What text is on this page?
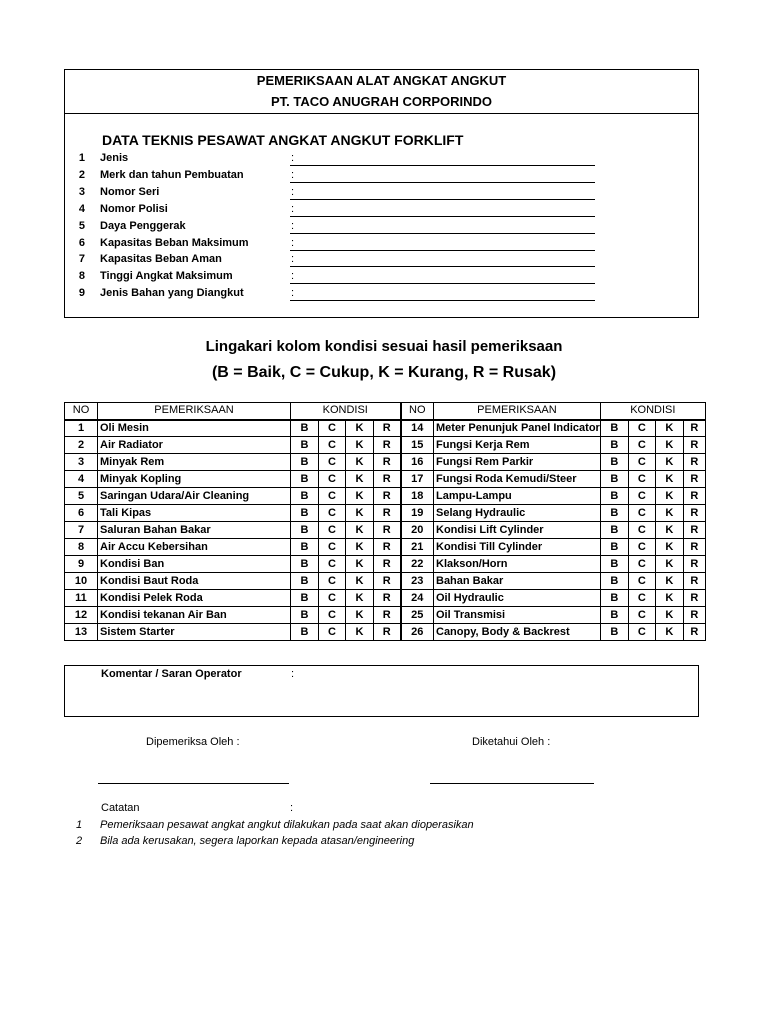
PEMERIKSAAN ALAT ANGKAT ANGKUT
PT. TACO ANUGRAH CORPORINDO
DATA TEKNIS PESAWAT ANGKAT ANGKUT FORKLIFT
1 Jenis	:
2 Merk dan tahun Pembuatan	:
3 Nomor Seri	:
4 Nomor Polisi	:
5 Daya Penggerak	:
6 Kapasitas Beban Maksimum	:
7 Kapasitas Beban Aman	:
8 Tinggi Angkat Maksimum	:
9 Jenis Bahan yang Diangkut	:
Lingakari kolom kondisi sesuai hasil pemeriksaan
(B = Baik, C = Cukup, K = Kurang, R = Rusak)
NO	PEMERIKSAAN	KONDISI				NO	PEMERIKSAAN	KONDISI			
1	Oli Mesin	B	C	K	R	14	Meter Penunjuk Panel Indicator	B	C	K	R
2	Air Radiator	B	C	K	R	15	Fungsi Kerja Rem	B	C	K	R
3	Minyak Rem	B	C	K	R	16	Fungsi Rem Parkir	B	C	K	R
4	Minyak Kopling	B	C	K	R	17	Fungsi Roda Kemudi/Steer	B	C	K	R
5	Saringan Udara/Air Cleaning	B	C	K	R	18	Lampu-Lampu	B	C	K	R
6	Tali Kipas	B	C	K	R	19	Selang Hydraulic	B	C	K	R
7	Saluran Bahan Bakar	B	C	K	R	20	Kondisi Lift Cylinder	B	C	K	R
8	Air Accu Kebersihan	B	C	K	R	21	Kondisi Till Cylinder	B	C	K	R
9	Kondisi Ban	B	C	K	R	22	Klakson/Horn	B	C	K	R
10	Kondisi Baut Roda	B	C	K	R	23	Bahan Bakar	B	C	K	R
11	Kondisi Pelek Roda	B	C	K	R	24	Oil Hydraulic	B	C	K	R
12	Kondisi tekanan Air Ban	B	C	K	R	25	Oil Transmisi	B	C	K	R
13	Sistem Starter	B	C	K	R	26	Canopy, Body & Backrest	B	C	K	R
Komentar / Saran Operator	:
Dipemeriksa Oleh :	Diketahui Oleh :
Catatan	:
1 Pemeriksaan pesawat angkat angkut dilakukan pada saat akan dioperasikan
2 Bila ada kerusakan, segera laporkan kepada atasan/engineering
